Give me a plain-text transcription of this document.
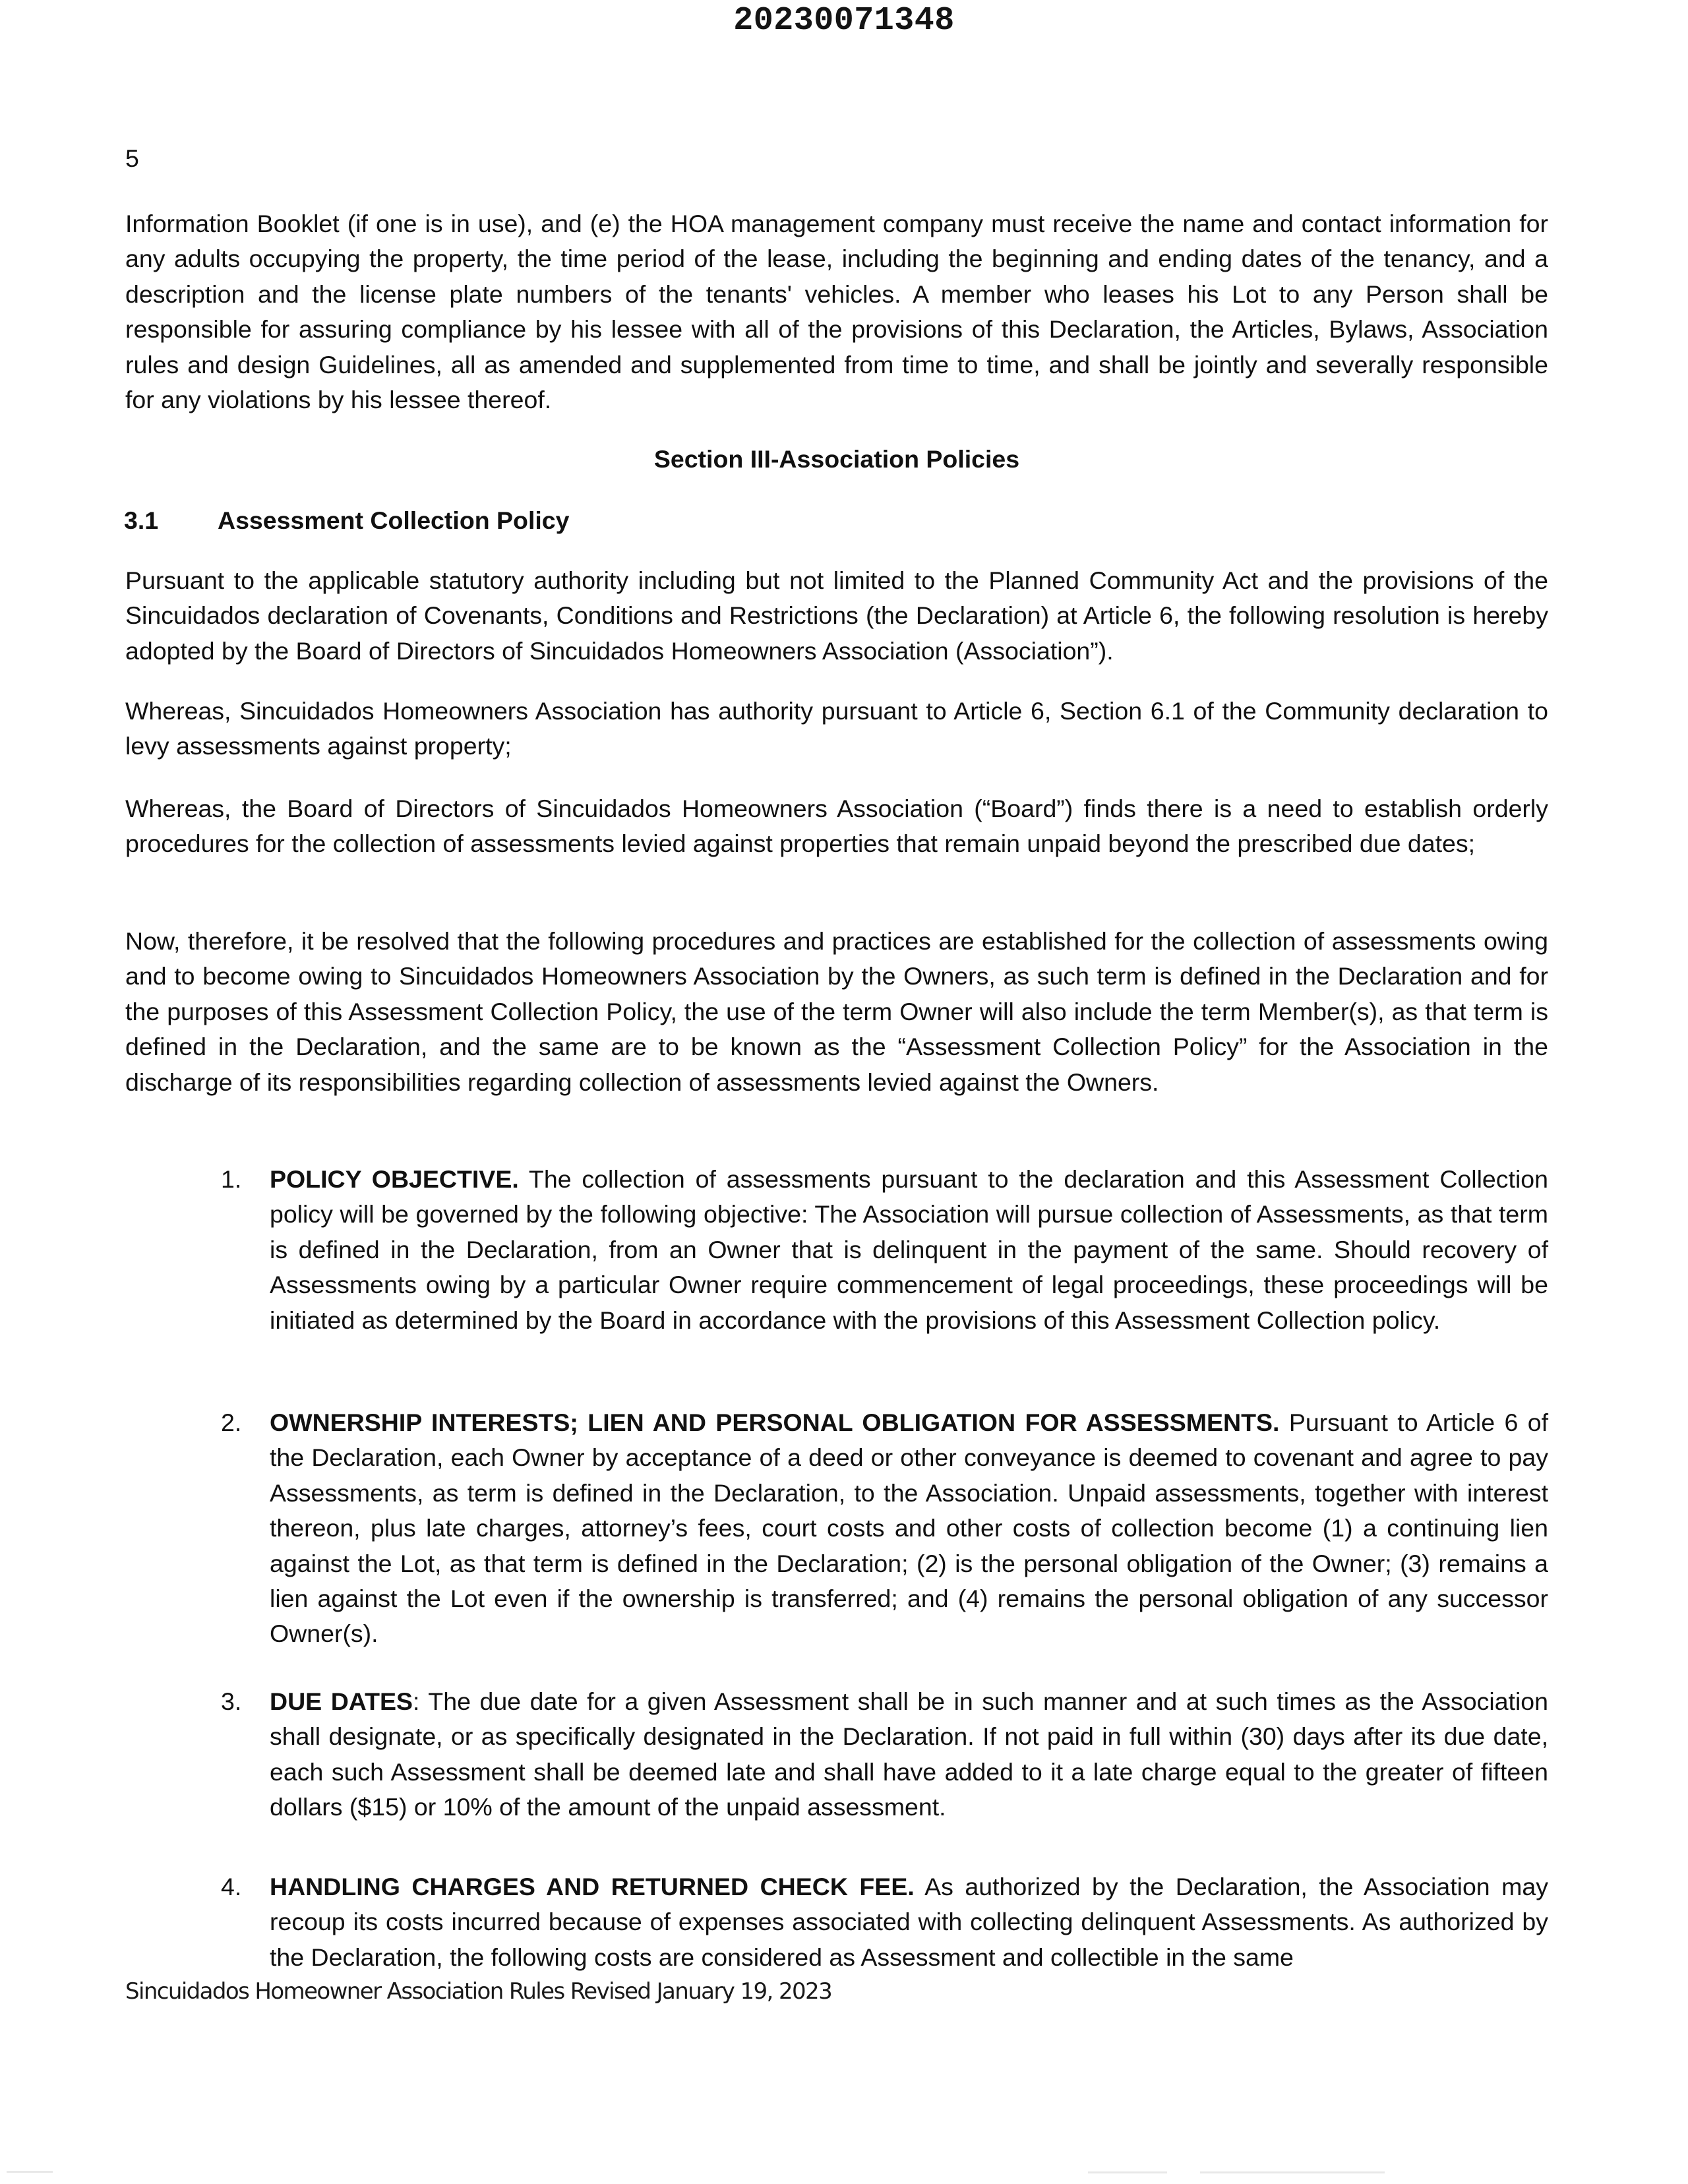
20230071348
5

Information Booklet (if one is in use), and (e) the HOA management company must receive the name and contact information for any adults occupying the property, the time period of the lease, including the beginning and ending dates of the tenancy, and a description and the license plate numbers of the tenants' vehicles. A member who leases his Lot to any Person shall be responsible for assuring compliance by his lessee with all of the provisions of this Declaration, the Articles, Bylaws, Association rules and design Guidelines, all as amended and supplemented from time to time, and shall be jointly and severally responsible for any violations by his lessee thereof.

Section III-Association Policies
3.1 Assessment Collection Policy

Pursuant to the applicable statutory authority including but not limited to the Planned Community Act and the provisions of the Sincuidados declaration of Covenants, Conditions and Restrictions (the Declaration) at Article 6, the following resolution is hereby adopted by the Board of Directors of Sincuidados Homeowners Association (Association”).

Whereas, Sincuidados Homeowners Association has authority pursuant to Article 6, Section 6.1 of the Community declaration to levy assessments against property;

Whereas, the Board of Directors of Sincuidados Homeowners Association (“Board”) finds there is a need to establish orderly procedures for the collection of assessments levied against properties that remain unpaid beyond the prescribed due dates;

Now, therefore, it be resolved that the following procedures and practices are established for the collection of assessments owing and to become owing to Sincuidados Homeowners Association by the Owners, as such term is defined in the Declaration and for the purposes of this Assessment Collection Policy, the use of the term Owner will also include the term Member(s), as that term is defined in the Declaration, and the same are to be known as the “Assessment Collection Policy” for the Association in the discharge of its responsibilities regarding collection of assessments levied against the Owners.

1. POLICY OBJECTIVE. The collection of assessments pursuant to the declaration and this Assessment Collection policy will be governed by the following objective: The Association will pursue collection of Assessments, as that term is defined in the Declaration, from an Owner that is delinquent in the payment of the same. Should recovery of Assessments owing by a particular Owner require commencement of legal proceedings, these proceedings will be initiated as determined by the Board in accordance with the provisions of this Assessment Collection policy.
2. OWNERSHIP INTERESTS; LIEN AND PERSONAL OBLIGATION FOR ASSESSMENTS. Pursuant to Article 6 of the Declaration, each Owner by acceptance of a deed or other conveyance is deemed to covenant and agree to pay Assessments, as term is defined in the Declaration, to the Association. Unpaid assessments, together with interest thereon, plus late charges, attorney’s fees, court costs and other costs of collection become (1) a continuing lien against the Lot, as that term is defined in the Declaration; (2) is the personal obligation of the Owner; (3) remains a lien against the Lot even if the ownership is transferred; and (4) remains the personal obligation of any successor Owner(s).
3. DUE DATES: The due date for a given Assessment shall be in such manner and at such times as the Association shall designate, or as specifically designated in the Declaration. If not paid in full within (30) days after its due date, each such Assessment shall be deemed late and shall have added to it a late charge equal to the greater of fifteen dollars ($15) or 10% of the amount of the unpaid assessment.
4. HANDLING CHARGES AND RETURNED CHECK FEE. As authorized by the Declaration, the Association may recoup its costs incurred because of expenses associated with collecting delinquent Assessments. As authorized by the Declaration, the following costs are considered as Assessment and collectible in the same
Sincuidados Homeowner Association Rules Revised January 19, 2023
